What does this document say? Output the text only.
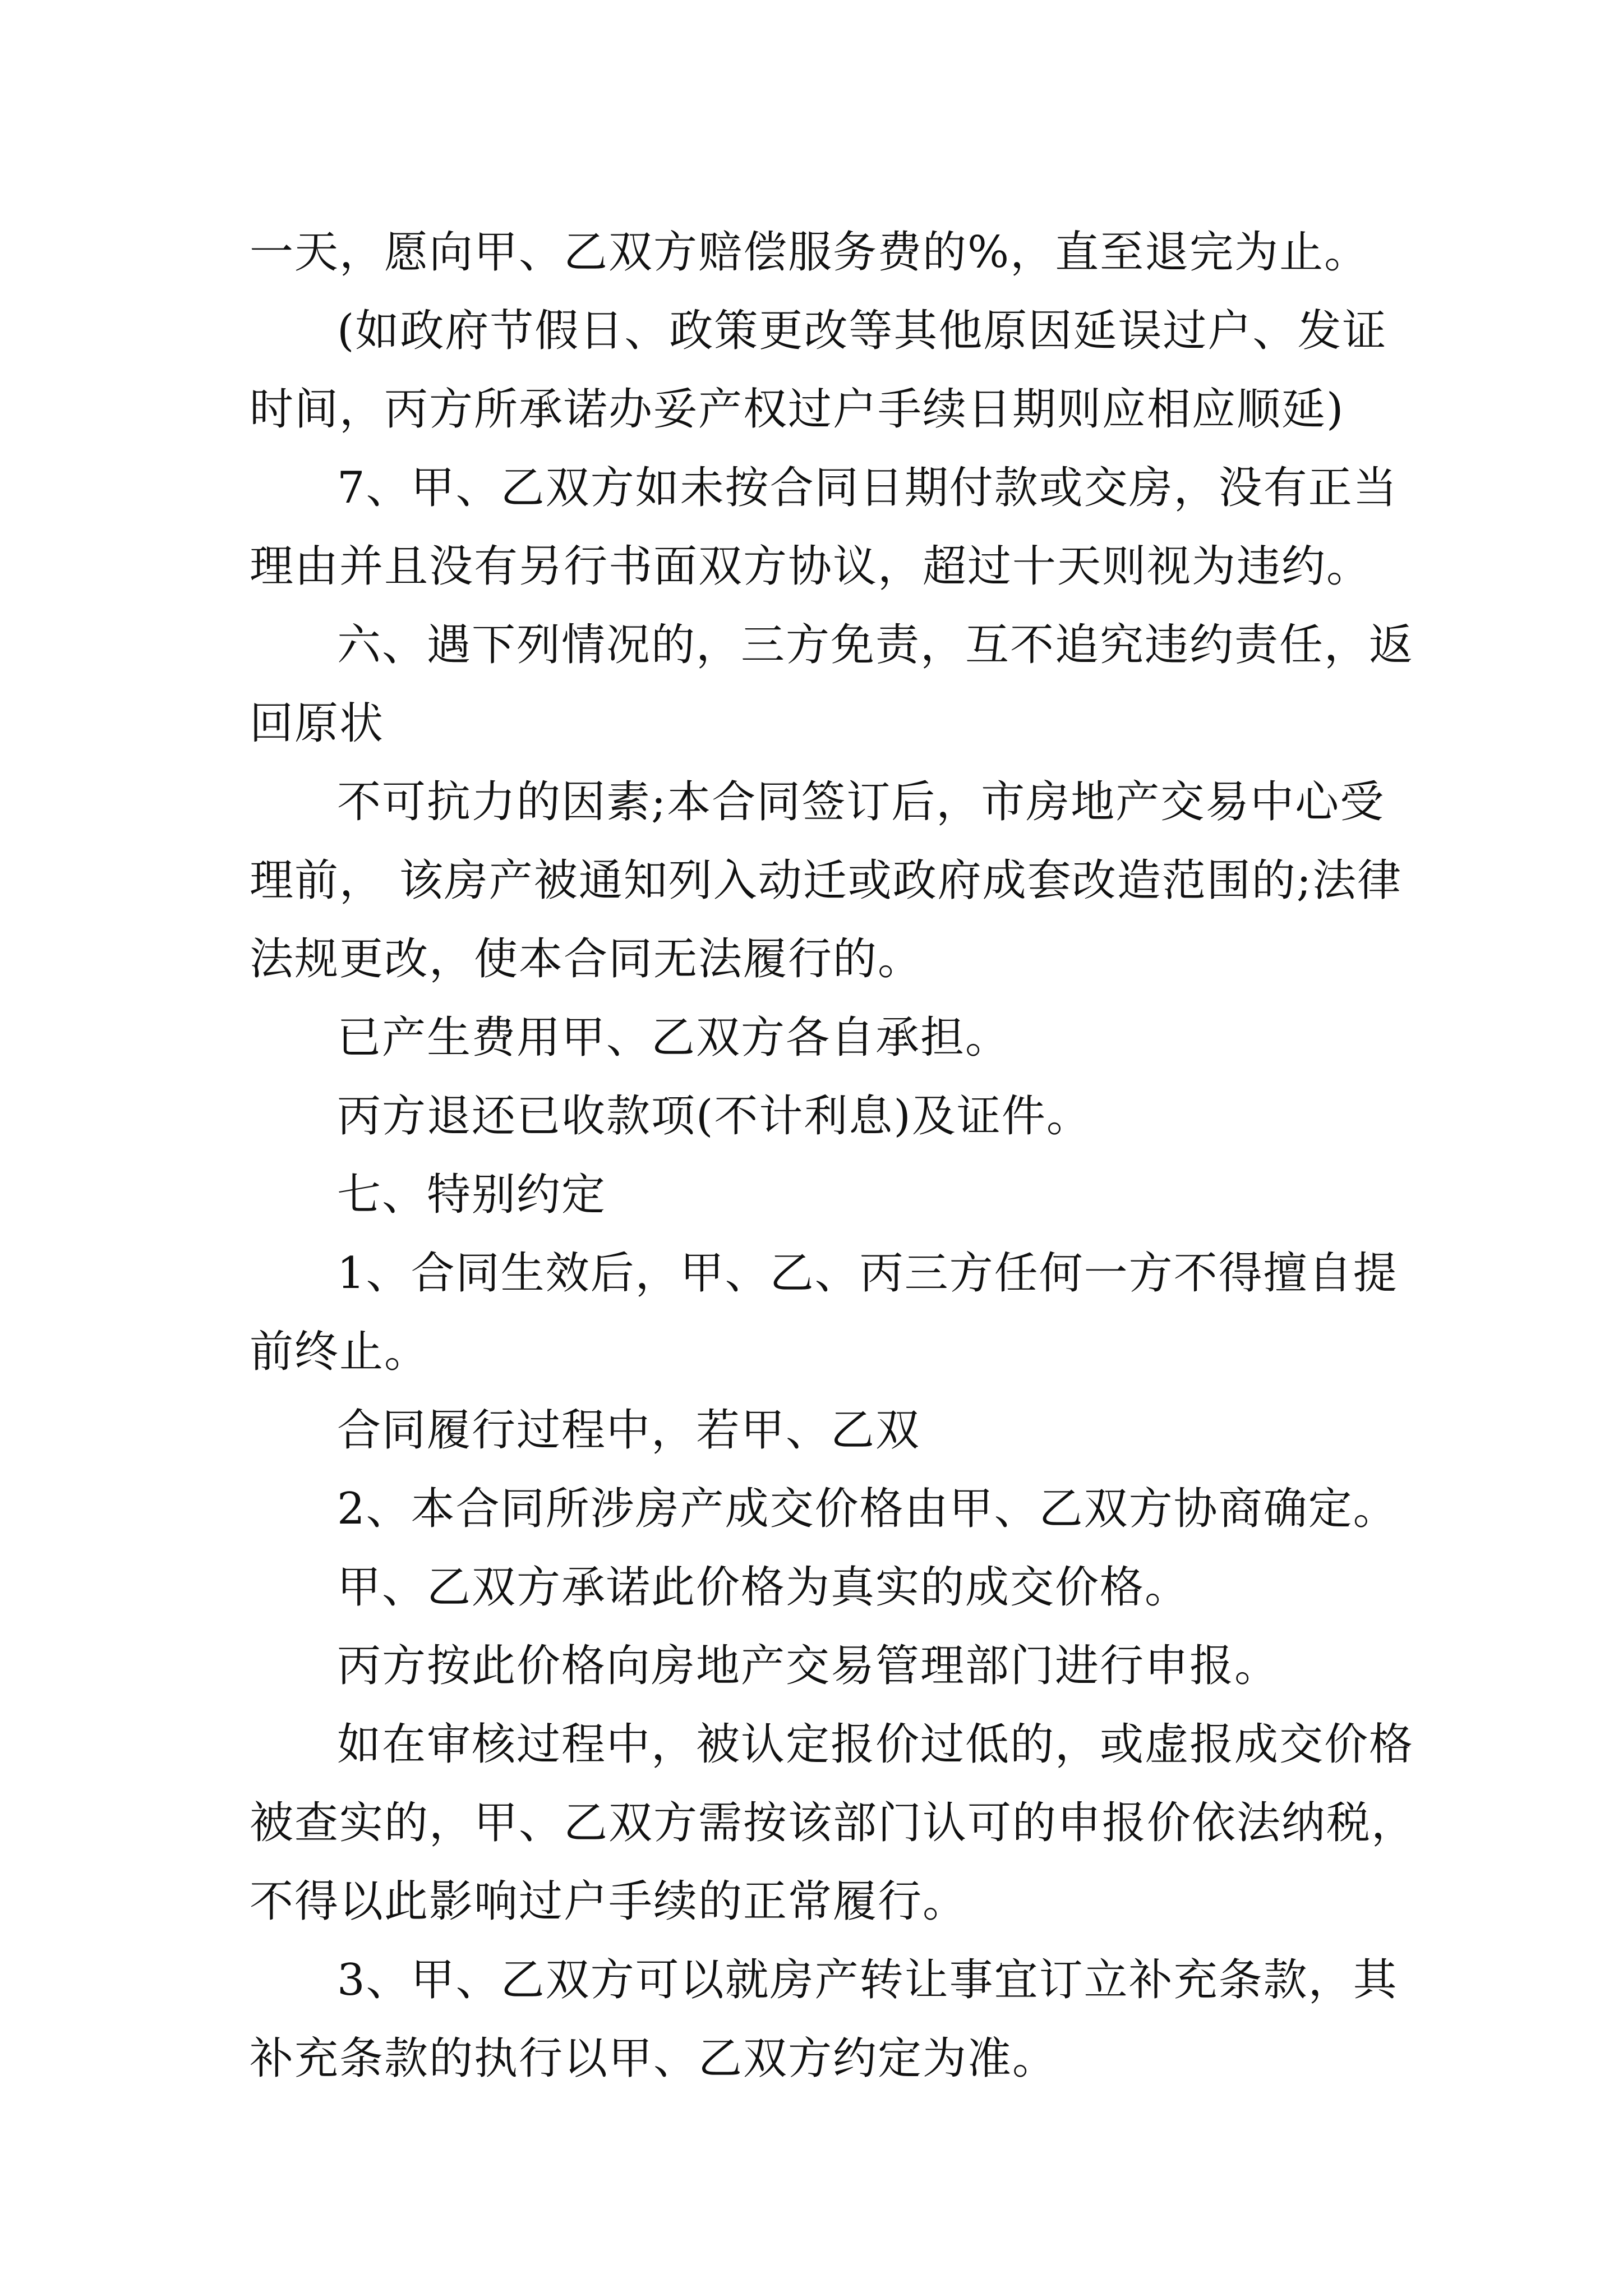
一天，愿向甲、乙双方赔偿服务费的%，直至退完为止。
(如政府节假日、政策更改等其他原因延误过户、发证
时间，丙方所承诺办妥产权过户手续日期则应相应顺延)
7、甲、乙双方如未按合同日期付款或交房，没有正当
理由并且没有另行书面双方协议，超过十天则视为违约。
六、遇下列情况的，三方免责，互不追究违约责任，返
回原状
不可抗力的因素;本合同签订后，市房地产交易中心受
理前， 该房产被通知列入动迁或政府成套改造范围的;法律
法规更改，使本合同无法履行的。
已产生费用甲、乙双方各自承担。
丙方退还已收款项(不计利息)及证件。
七、特别约定
1、合同生效后，甲、乙、丙三方任何一方不得擅自提
前终止。
合同履行过程中，若甲、乙双
2、本合同所涉房产成交价格由甲、乙双方协商确定。
甲、乙双方承诺此价格为真实的成交价格。
丙方按此价格向房地产交易管理部门进行申报。
如在审核过程中，被认定报价过低的，或虚报成交价格
被查实的，甲、乙双方需按该部门认可的申报价依法纳税，
不得以此影响过户手续的正常履行。
3、甲、乙双方可以就房产转让事宜订立补充条款，其
补充条款的执行以甲、乙双方约定为准。
